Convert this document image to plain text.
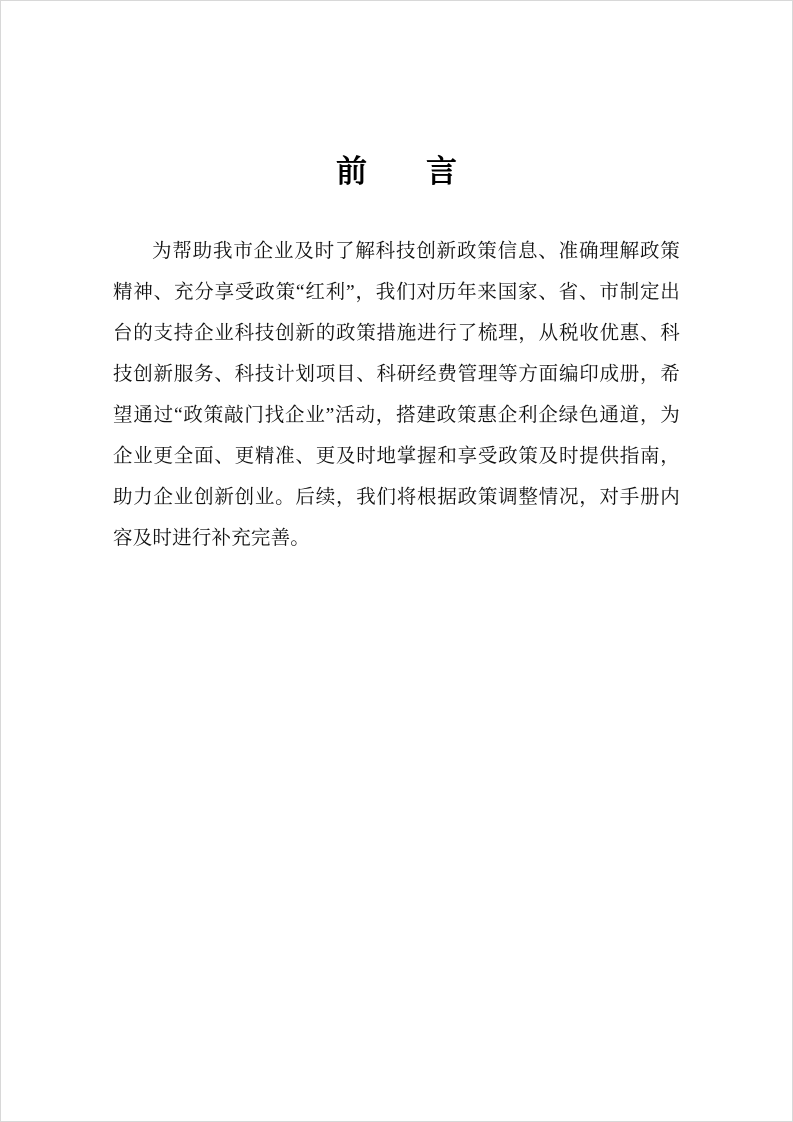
前　言

为帮助我市企业及时了解科技创新政策信息、准确理解政策精神、充分享受政策“红利”，我们对历年来国家、省、市制定出台的支持企业科技创新的政策措施进行了梳理，从税收优惠、科技创新服务、科技计划项目、科研经费管理等方面编印成册，希望通过“政策敲门找企业”活动，搭建政策惠企利企绿色通道，为企业更全面、更精准、更及时地掌握和享受政策及时提供指南，助力企业创新创业。后续，我们将根据政策调整情况，对手册内容及时进行补充完善。
